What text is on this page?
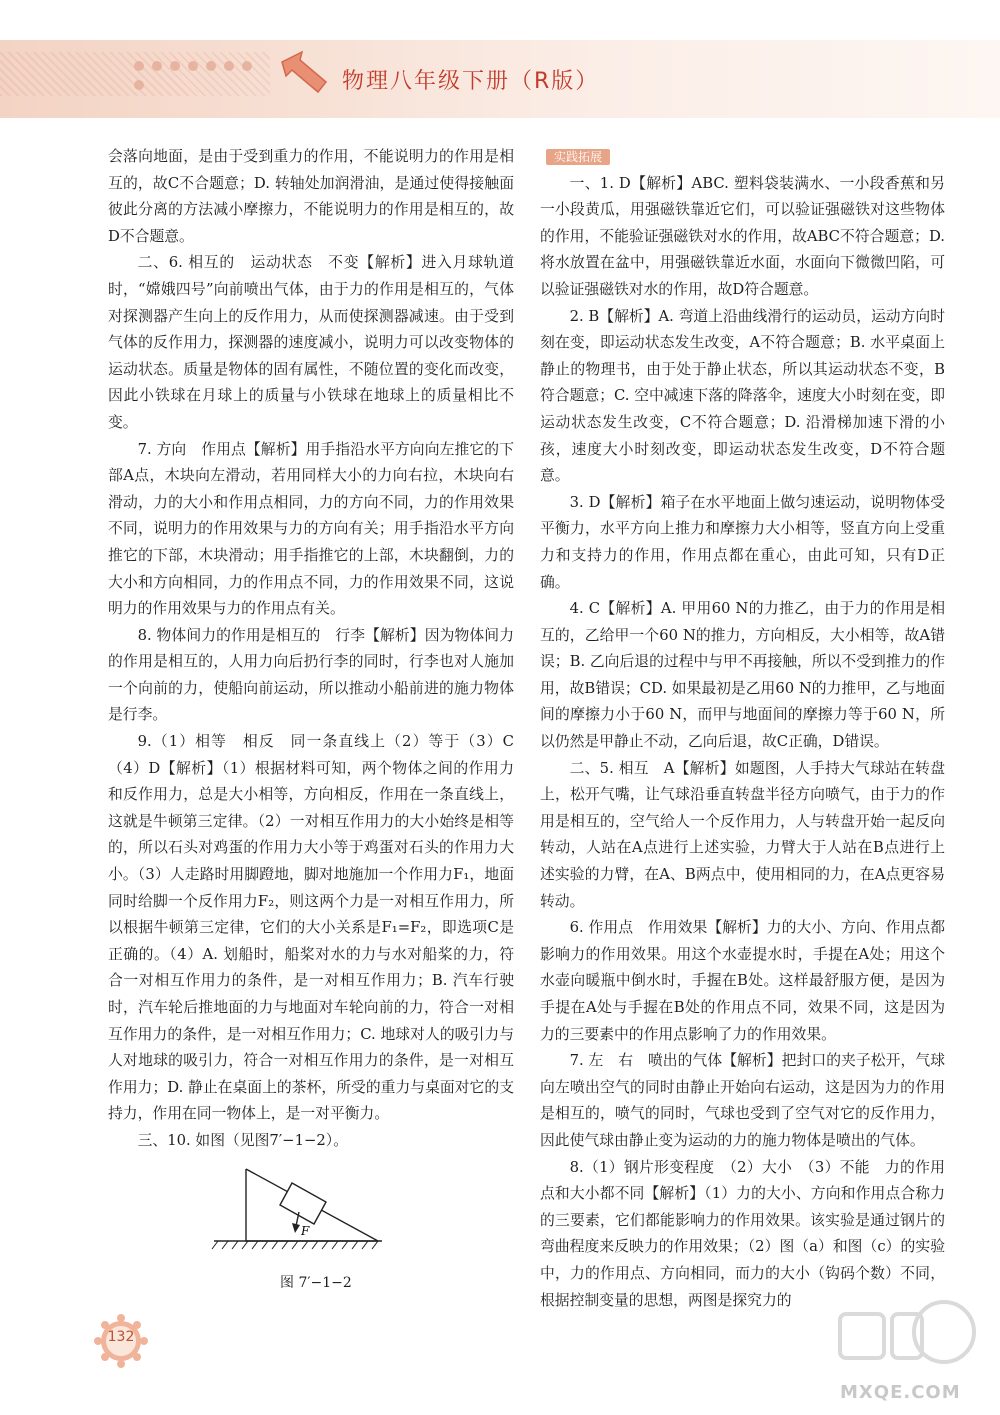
物理八年级下册（R版）

会落向地面，是由于受到重力的作用，不能说明力的作用是相互的，故C不合题意；D. 转轴处加润滑油，是通过使得接触面彼此分离的方法减小摩擦力，不能说明力的作用是相互的，故D不合题意。

二、6. 相互的　运动状态　不变【解析】进入月球轨道时，“嫦娥四号”向前喷出气体，由于力的作用是相互的，气体对探测器产生向上的反作用力，从而使探测器减速。由于受到气体的反作用力，探测器的速度减小，说明力可以改变物体的运动状态。质量是物体的固有属性，不随位置的变化而改变，因此小铁球在月球上的质量与小铁球在地球上的质量相比不变。

7. 方向　作用点【解析】用手指沿水平方向向左推它的下部A点，木块向左滑动，若用同样大小的力向右拉，木块向右滑动，力的大小和作用点相同，力的方向不同，力的作用效果不同，说明力的作用效果与力的方向有关；用手指沿水平方向推它的下部，木块滑动；用手指推它的上部，木块翻倒，力的大小和方向相同，力的作用点不同，力的作用效果不同，这说明力的作用效果与力的作用点有关。

8. 物体间力的作用是相互的　行李【解析】因为物体间力的作用是相互的，人用力向后扔行李的同时，行李也对人施加一个向前的力，使船向前运动，所以推动小船前进的施力物体是行李。

9.（1）相等　相反　同一条直线上（2）等于（3）C（4）D【解析】（1）根据材料可知，两个物体之间的作用力和反作用力，总是大小相等，方向相反，作用在一条直线上，这就是牛顿第三定律。（2）一对相互作用力的大小始终是相等的，所以石头对鸡蛋的作用力大小等于鸡蛋对石头的作用力大小。（3）人走路时用脚蹬地，脚对地施加一个作用力F₁，地面同时给脚一个反作用力F₂，则这两个力是一对相互作用力，所以根据牛顿第三定律，它们的大小关系是F₁=F₂，即选项C是正确的。（4）A. 划船时，船桨对水的力与水对船桨的力，符合一对相互作用力的条件，是一对相互作用力；B. 汽车行驶时，汽车轮后推地面的力与地面对车轮向前的力，符合一对相互作用力的条件，是一对相互作用力；C. 地球对人的吸引力与人对地球的吸引力，符合一对相互作用力的条件，是一对相互作用力；D. 静止在桌面上的茶杯，所受的重力与桌面对它的支持力，作用在同一物体上，是一对平衡力。

三、10. 如图（见图7′−1−2）。

F
图 7′−1−2
实践拓展

一、1. D【解析】ABC. 塑料袋装满水、一小段香蕉和另一小段黄瓜，用强磁铁靠近它们，可以验证强磁铁对这些物体的作用，不能验证强磁铁对水的作用，故ABC不符合题意；D. 将水放置在盆中，用强磁铁靠近水面，水面向下微微凹陷，可以验证强磁铁对水的作用，故D符合题意。

2. B【解析】A. 弯道上沿曲线滑行的运动员，运动方向时刻在变，即运动状态发生改变，A不符合题意；B. 水平桌面上静止的物理书，由于处于静止状态，所以其运动状态不变，B符合题意；C. 空中减速下落的降落伞，速度大小时刻在变，即运动状态发生改变，C不符合题意；D. 沿滑梯加速下滑的小孩，速度大小时刻改变，即运动状态发生改变，D不符合题意。

3. D【解析】箱子在水平地面上做匀速运动，说明物体受平衡力，水平方向上推力和摩擦力大小相等，竖直方向上受重力和支持力的作用，作用点都在重心，由此可知，只有D正确。

4. C【解析】A. 甲用60 N的力推乙，由于力的作用是相互的，乙给甲一个60 N的推力，方向相反，大小相等，故A错误；B. 乙向后退的过程中与甲不再接触，所以不受到推力的作用，故B错误；CD. 如果最初是乙用60 N的力推甲，乙与地面间的摩擦力小于60 N，而甲与地面间的摩擦力等于60 N，所以仍然是甲静止不动，乙向后退，故C正确，D错误。

二、5. 相互　A【解析】如题图，人手持大气球站在转盘上，松开气嘴，让气球沿垂直转盘半径方向喷气，由于力的作用是相互的，空气给人一个反作用力，人与转盘开始一起反向转动，人站在A点进行上述实验，力臂大于人站在B点进行上述实验的力臂，在A、B两点中，使用相同的力，在A点更容易转动。

6. 作用点　作用效果【解析】力的大小、方向、作用点都影响力的作用效果。用这个水壶提水时，手提在A处；用这个水壶向暖瓶中倒水时，手握在B处。这样最舒服方便，是因为手提在A处与手握在B处的作用点不同，效果不同，这是因为力的三要素中的作用点影响了力的作用效果。

7. 左　右　喷出的气体【解析】把封口的夹子松开，气球向左喷出空气的同时由静止开始向右运动，这是因为力的作用是相互的，喷气的同时，气球也受到了空气对它的反作用力，因此使气球由静止变为运动的力的施力物体是喷出的气体。

8.（1）钢片形变程度　（2）大小　（3）不能　力的作用点和大小都不同【解析】（1）力的大小、方向和作用点合称力的三要素，它们都能影响力的作用效果。该实验是通过钢片的弯曲程度来反映力的作用效果；（2）图（a）和图（c）的实验中，力的作用点、方向相同，而力的大小（钩码个数）不同，根据控制变量的思想，两图是探究力的

132
MXQE.COM
